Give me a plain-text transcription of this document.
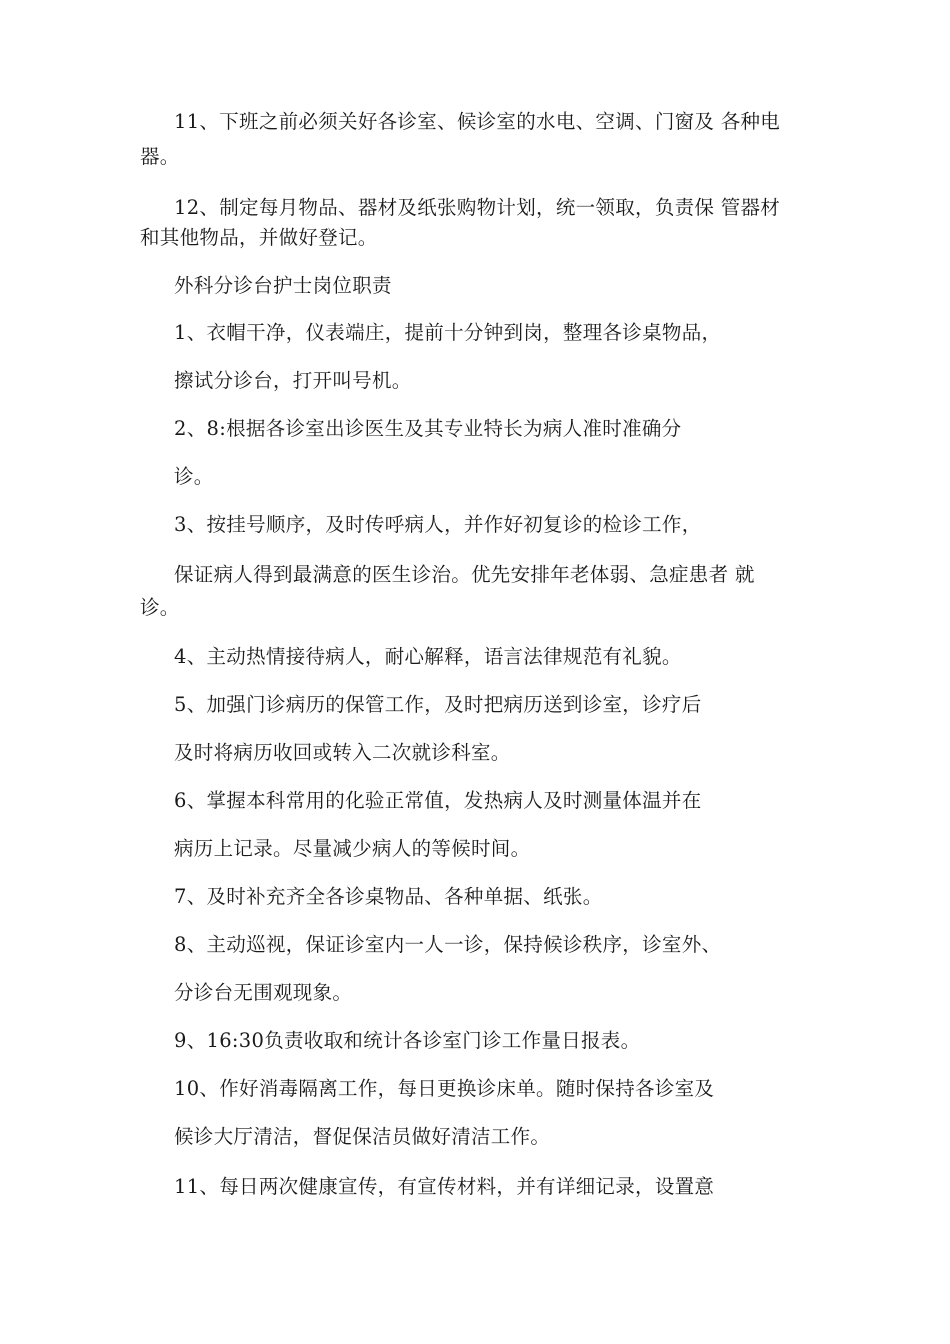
11、下班之前必须关好各诊室、候诊室的水电、空调、门窗及 各种电
器。
12、制定每月物品、器材及纸张购物计划，统一领取，负责保 管器材
和其他物品，并做好登记。
外科分诊台护士岗位职责
1、衣帽干净，仪表端庄，提前十分钟到岗，整理各诊桌物品，
擦试分诊台，打开叫号机。
2、8:根据各诊室出诊医生及其专业特长为病人准时准确分
诊。
3、按挂号顺序，及时传呼病人，并作好初复诊的检诊工作，
保证病人得到最满意的医生诊治。优先安排年老体弱、急症患者 就
诊。
4、主动热情接待病人，耐心解释，语言法律规范有礼貌。
5、加强门诊病历的保管工作，及时把病历送到诊室，诊疗后
及时将病历收回或转入二次就诊科室。
6、掌握本科常用的化验正常值，发热病人及时测量体温并在
病历上记录。尽量减少病人的等候时间。
7、及时补充齐全各诊桌物品、各种单据、纸张。
8、主动巡视，保证诊室内一人一诊，保持候诊秩序，诊室外、
分诊台无围观现象。
9、16:30负责收取和统计各诊室门诊工作量日报表。
10、作好消毒隔离工作，每日更换诊床单。随时保持各诊室及
候诊大厅清洁，督促保洁员做好清洁工作。
11、每日两次健康宣传，有宣传材料，并有详细记录，设置意
